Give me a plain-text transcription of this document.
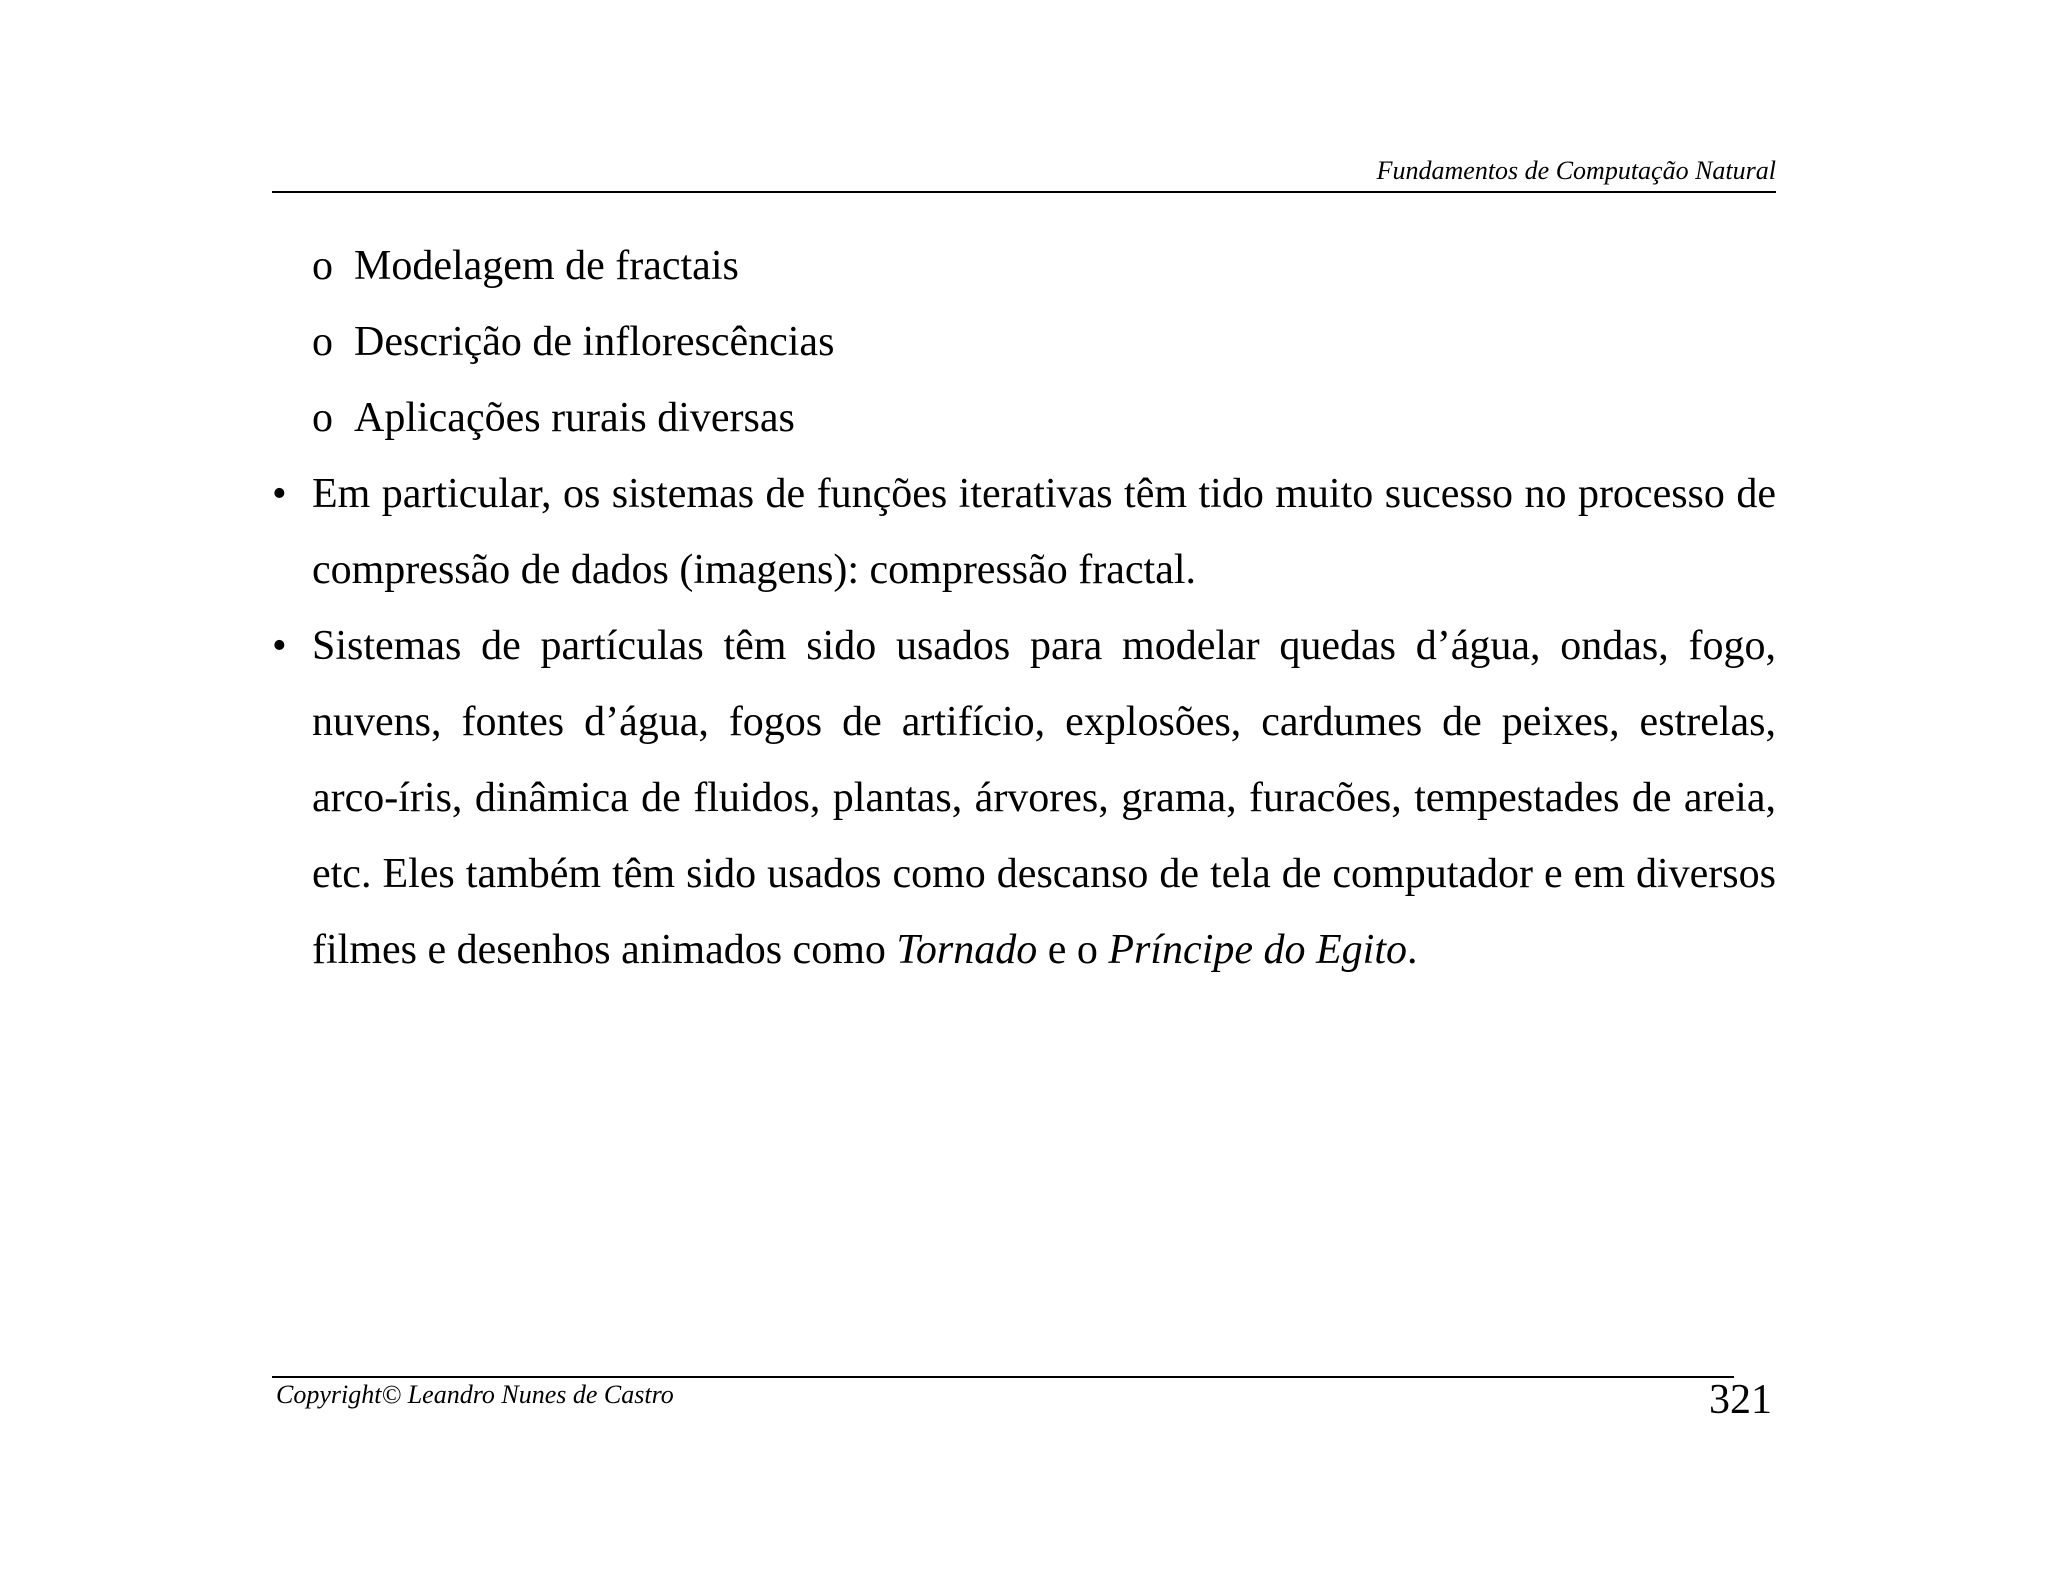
Fundamentos de Computação Natural
o Modelagem de fractais
o Descrição de inflorescências
o Aplicações rurais diversas
• Em particular, os sistemas de funções iterativas têm tido muito sucesso no processo de compressão de dados (imagens): compressão fractal.
• Sistemas de partículas têm sido usados para modelar quedas d’água, ondas, fogo, nuvens, fontes d’água, fogos de artifício, explosões, cardumes de peixes, estrelas, arco-íris, dinâmica de fluidos, plantas, árvores, grama, furacões, tempestades de areia, etc. Eles também têm sido usados como descanso de tela de computador e em diversos filmes e desenhos animados como Tornado e o Príncipe do Egito.
Copyright© Leandro Nunes de Castro	321
